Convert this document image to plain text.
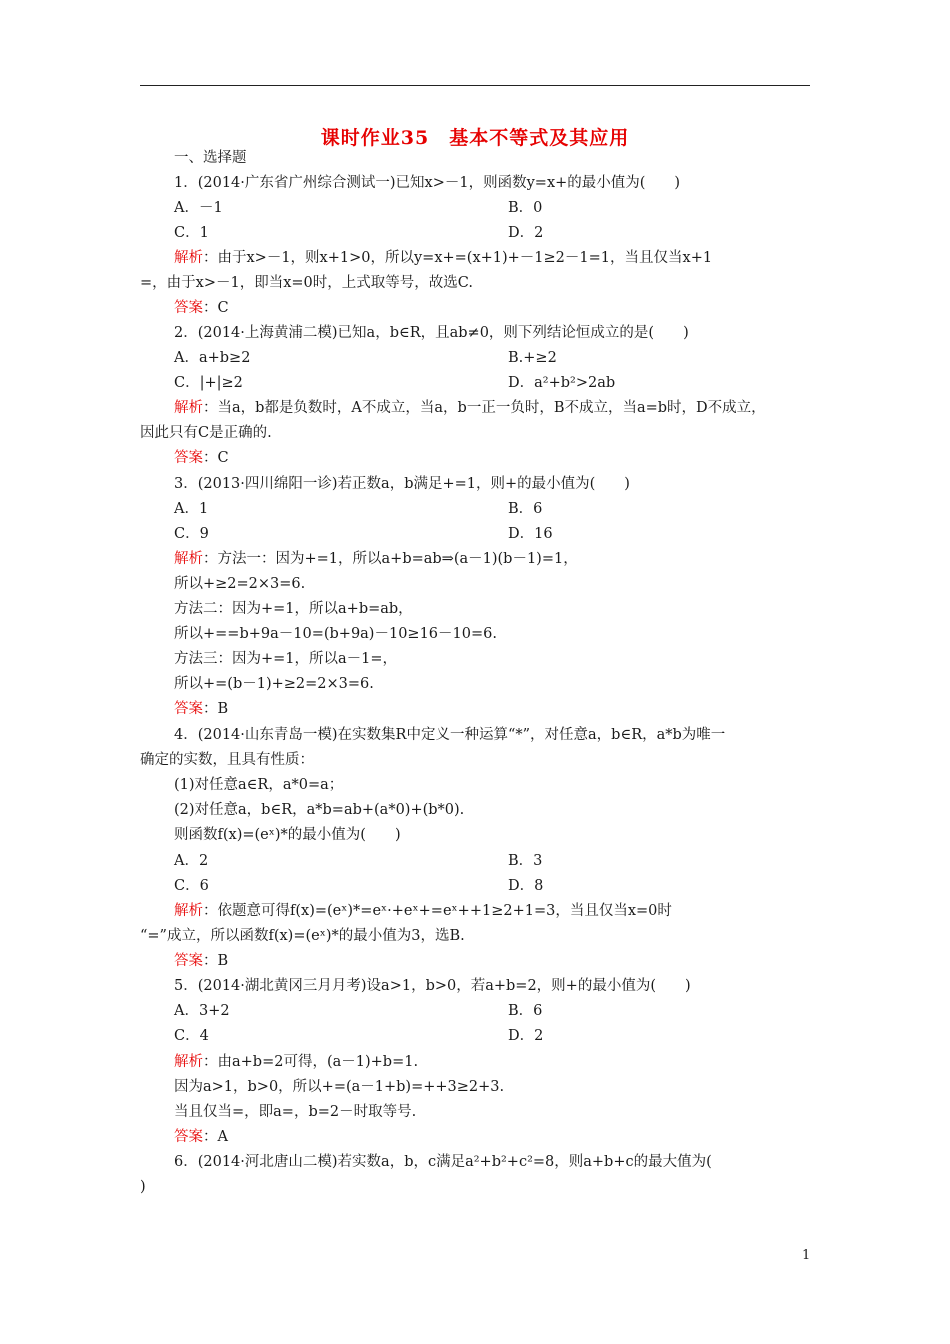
课时作业35　基本不等式及其应用
一、选择题
1．(2014·广东省广州综合测试一)已知x>－1，则函数y=x+的最小值为(　　)
A．－1	B．0
C．1	D．2
解析：由于x>－1，则x+1>0，所以y=x+=(x+1)+－1≥2－1=1，当且仅当x+1
=，由于x>－1，即当x=0时，上式取等号，故选C.
答案：C
2．(2014·上海黄浦二模)已知a，b∈R，且ab≠0，则下列结论恒成立的是(　　)
A．a+b≥2	B.+≥2
C．|+|≥2	D．a²+b²>2ab
解析：当a，b都是负数时，A不成立，当a，b一正一负时，B不成立，当a=b时，D不成立，
因此只有C是正确的.
答案：C
3．(2013·四川绵阳一诊)若正数a，b满足+=1，则+的最小值为(　　)
A．1	B．6
C．9	D．16
解析：方法一：因为+=1，所以a+b=ab⇒(a－1)(b－1)=1，
所以+≥2=2×3=6.
方法二：因为+=1，所以a+b=ab，
所以+==b+9a－10=(b+9a)－10≥16－10=6.
方法三：因为+=1，所以a－1=，
所以+=(b－1)+≥2=2×3=6.
答案：B
4．(2014·山东青岛一模)在实数集R中定义一种运算“*”，对任意a，b∈R，a*b为唯一
确定的实数，且具有性质：
(1)对任意a∈R，a*0=a；
(2)对任意a，b∈R，a*b=ab+(a*0)+(b*0).
则函数f(x)=(eˣ)*的最小值为(　　)
A．2	B．3
C．6	D．8
解析：依题意可得f(x)=(eˣ)*=eˣ·+eˣ+=eˣ++1≥2+1=3，当且仅当x=0时
“=”成立，所以函数f(x)=(eˣ)*的最小值为3，选B.
答案：B
5．(2014·湖北黄冈三月月考)设a>1，b>0，若a+b=2，则+的最小值为(　　)
A．3+2	B．6
C．4	D．2
解析：由a+b=2可得，(a－1)+b=1.
因为a>1，b>0，所以+=(a－1+b)=++3≥2+3.
当且仅当=，即a=，b=2－时取等号.
答案：A
6．(2014·河北唐山二模)若实数a，b，c满足a²+b²+c²=8，则a+b+c的最大值为(
)
1
